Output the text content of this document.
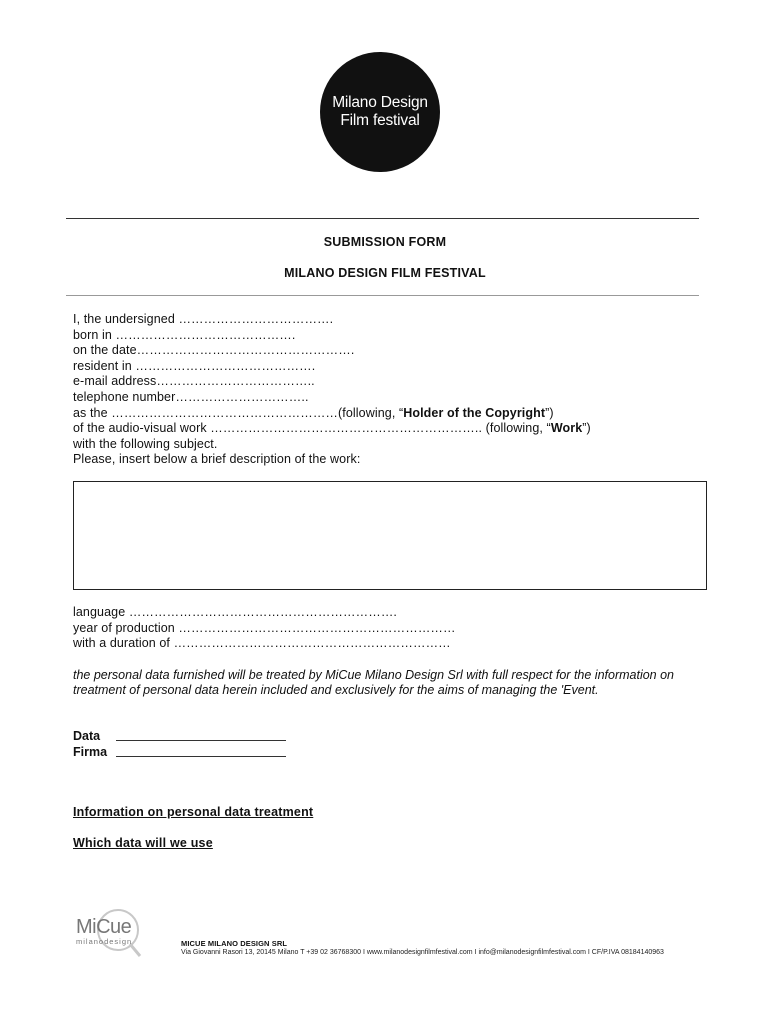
Milano Design
Film festival
SUBMISSION FORM
MILANO DESIGN FILM FESTIVAL
I, the undersigned ……………………………….
born in …………………………………….
on the date…………………………………………….
resident in …………………………………….
e-mail address………………………………..
telephone number…………………………..
as the ………………………………………………(following, “Holder of the Copyright”)
of the audio-visual work ……………………………………………………….. (following, “Work”)
with the following subject.
Please, insert below a brief description of the work:
language ……………………………………………………….
year of production …………………………………………………………
with a duration of …………………………………………………………
the personal data furnished will be treated by MiCue Milano Design Srl with full respect for the information on treatment of personal data herein included and exclusively for the aims of managing the 'Event.
Data
Firma
Information on personal data treatment
Which data will we use
MiCue
milanodesign	MICUE MILANO DESIGN SRL
Via Giovanni Rasori 13, 20145 Milano T +39 02 36768300 I www.milanodesignfilmfestival.com I info@milanodesignfilmfestival.com I CF/P.IVA 08184140963
